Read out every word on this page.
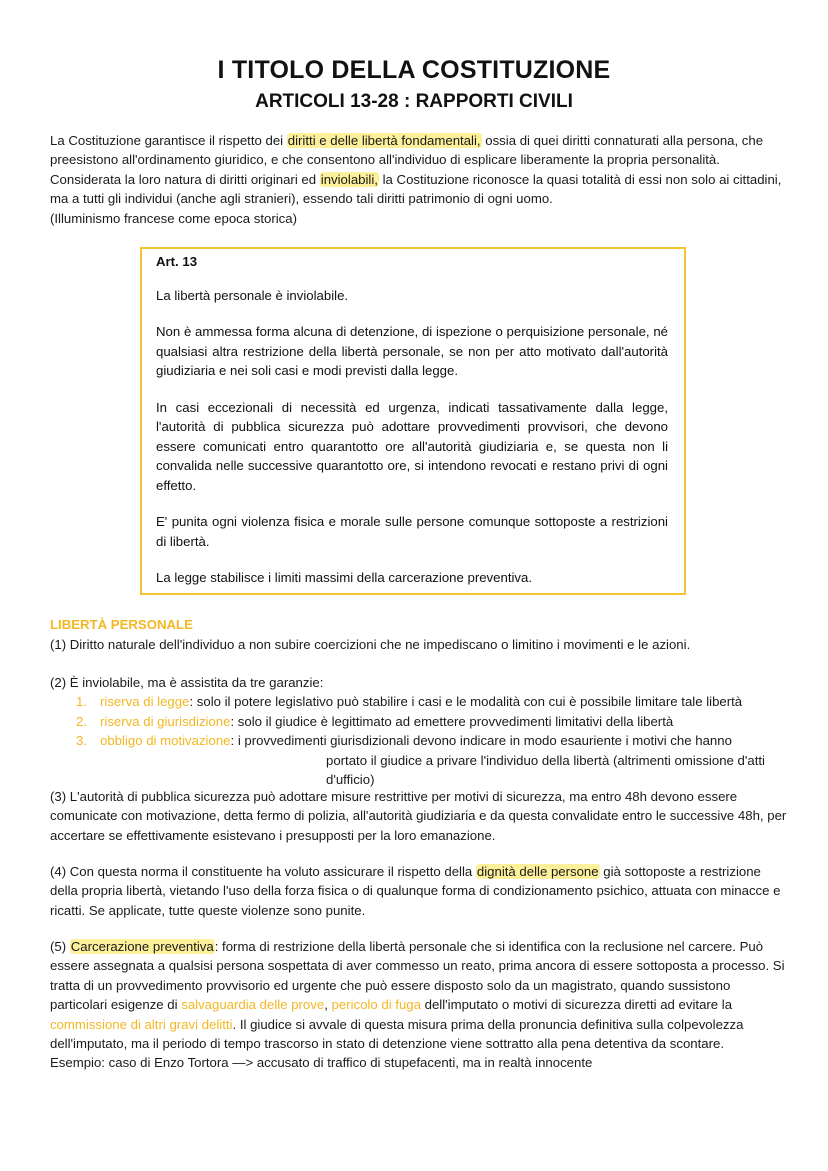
I TITOLO DELLA COSTITUZIONE
ARTICOLI 13-28 : RAPPORTI CIVILI
La Costituzione garantisce il rispetto dei diritti e delle libertà fondamentali, ossia di quei diritti connaturati alla persona, che preesistono all'ordinamento giuridico, e che consentono all'individuo di esplicare liberamente la propria personalità. Considerata la loro natura di diritti originari ed inviolabili, la Costituzione riconosce la quasi totalità di essi non solo ai cittadini, ma a tutti gli individui (anche agli stranieri), essendo tali diritti patrimonio di ogni uomo.
(Illuminismo francese come epoca storica)

Art. 13

La libertà personale è inviolabile.

Non è ammessa forma alcuna di detenzione, di ispezione o perquisizione personale, né qualsiasi altra restrizione della libertà personale, se non per atto motivato dall'autorità giudiziaria e nei soli casi e modi previsti dalla legge.

In casi eccezionali di necessità ed urgenza, indicati tassativamente dalla legge, l'autorità di pubblica sicurezza può adottare provvedimenti provvisori, che devono essere comunicati entro quarantotto ore all'autorità giudiziaria e, se questa non li convalida nelle successive quarantotto ore, si intendono revocati e restano privi di ogni effetto.

E' punita ogni violenza fisica e morale sulle persone comunque sottoposte a restrizioni di libertà.

La legge stabilisce i limiti massimi della carcerazione preventiva.

LIBERTÀ PERSONALE
(1) Diritto naturale dell'individuo a non subire coercizioni che ne impediscano o limitino i movimenti e le azioni.
(2) È inviolabile, ma è assistita da tre garanzie:
1. riserva di legge: solo il potere legislativo può stabilire i casi e le modalità con cui è possibile limitare tale libertà
2. riserva di giurisdizione: solo il giudice è legittimato ad emettere provvedimenti limitativi della libertà
3. obbligo di motivazione: i provvedimenti giurisdizionali devono indicare in modo esauriente i motivi che hanno
portato il giudice a privare l'individuo della libertà (altrimenti omissione d'atti d'ufficio)
(3) L'autorità di pubblica sicurezza può adottare misure restrittive per motivi di sicurezza, ma entro 48h devono essere comunicate con motivazione, detta fermo di polizia, all'autorità giudiziaria e da questa convalidate entro le successive 48h, per accertare se effettivamente esistevano i presupposti per la loro emanazione.
(4) Con questa norma il constituente ha voluto assicurare il rispetto della dignità delle persone già sottoposte a restrizione della propria libertà, vietando l'uso della forza fisica o di qualunque forma di condizionamento psichico, attuata con minacce e ricatti. Se applicate, tutte queste violenze sono punite.
(5) Carcerazione preventiva: forma di restrizione della libertà personale che si identifica con la reclusione nel carcere. Può essere assegnata a qualsisi persona sospettata di aver commesso un reato, prima ancora di essere sottoposta a processo. Si tratta di un provvedimento provvisorio ed urgente che può essere disposto solo da un magistrato, quando sussistono particolari esigenze di salvaguardia delle prove, pericolo di fuga dell'imputato o motivi di sicurezza diretti ad evitare la commissione di altri gravi delitti. Il giudice si avvale di questa misura prima della pronuncia definitiva sulla colpevolezza dell'imputato, ma il periodo di tempo trascorso in stato di detenzione viene sottratto alla pena detentiva da scontare.
Esempio: caso di Enzo Tortora —> accusato di traffico di stupefacenti, ma in realtà innocente
